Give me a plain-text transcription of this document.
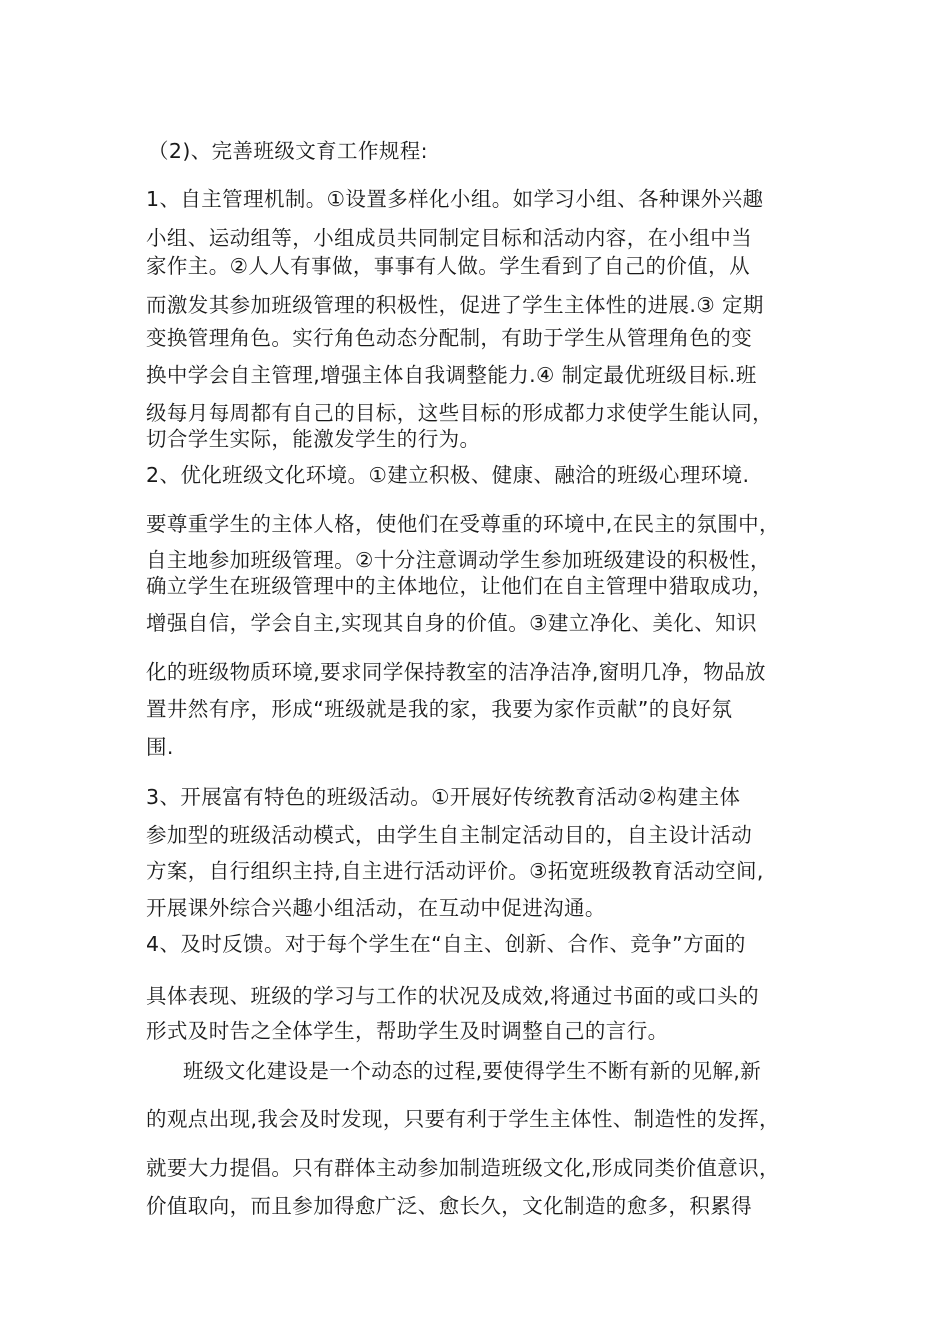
（2)、完善班级文育工作规程:
1、自主管理机制。①设置多样化小组。如学习小组、各种课外兴趣
小组、运动组等，小组成员共同制定目标和活动内容，在小组中当
家作主。②人人有事做，事事有人做。学生看到了自己的价值，从
而激发其参加班级管理的积极性，促进了学生主体性的进展.③ 定期
变换管理角色。实行角色动态分配制，有助于学生从管理角色的变
换中学会自主管理,增强主体自我调整能力.④ 制定最优班级目标.班
级每月每周都有自己的目标，这些目标的形成都力求使学生能认同，
切合学生实际，能激发学生的行为。
2、优化班级文化环境。①建立积极、健康、融洽的班级心理环境.
要尊重学生的主体人格，使他们在受尊重的环境中,在民主的氛围中，
自主地参加班级管理。②十分注意调动学生参加班级建设的积极性，
确立学生在班级管理中的主体地位，让他们在自主管理中猎取成功，
增强自信，学会自主,实现其自身的价值。③建立净化、美化、知识
化的班级物质环境,要求同学保持教室的洁净洁净,窗明几净，物品放
置井然有序，形成“班级就是我的家，我要为家作贡献”的良好氛
围.
3、开展富有特色的班级活动。①开展好传统教育活动②构建主体
参加型的班级活动模式，由学生自主制定活动目的，自主设计活动
方案，自行组织主持,自主进行活动评价。③拓宽班级教育活动空间,
开展课外综合兴趣小组活动，在互动中促进沟通。
4、及时反馈。对于每个学生在“自主、创新、合作、竞争”方面的
具体表现、班级的学习与工作的状况及成效,将通过书面的或口头的
形式及时告之全体学生，帮助学生及时调整自己的言行。
班级文化建设是一个动态的过程,要使得学生不断有新的见解,新
的观点出现,我会及时发现，只要有利于学生主体性、制造性的发挥，
就要大力提倡。只有群体主动参加制造班级文化,形成同类价值意识，
价值取向，而且参加得愈广泛、愈长久，文化制造的愈多，积累得
